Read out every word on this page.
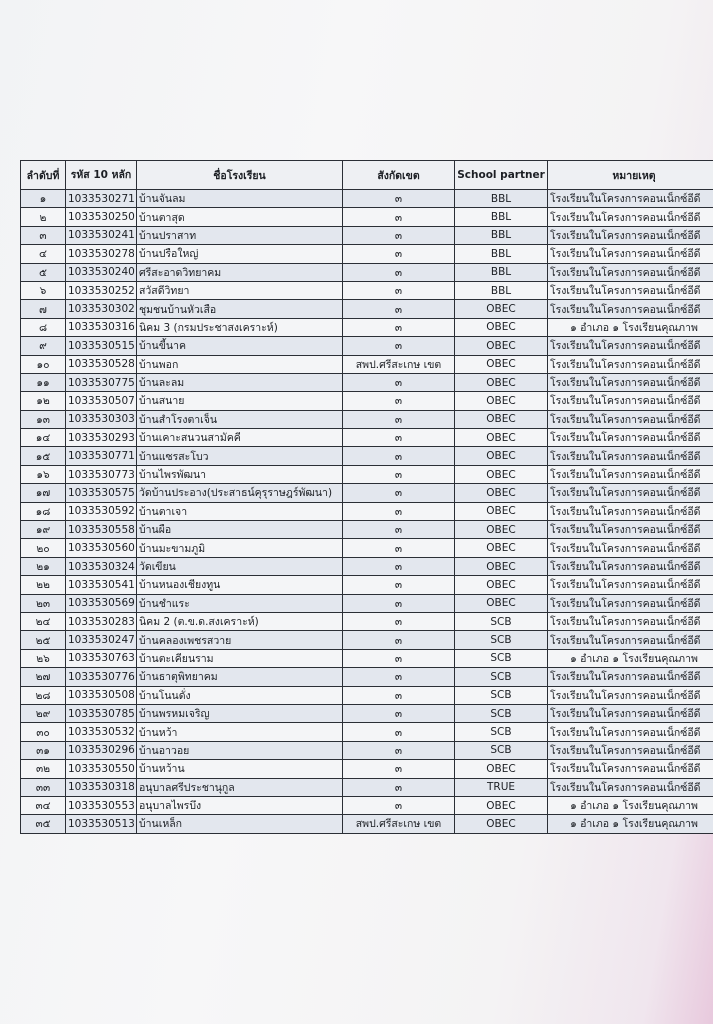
ลำดับที่	รหัส 10 หลัก	ชื่อโรงเรียน	สังกัดเขต	School partner	หมายเหตุ
๑	1033530271	บ้านจันลม	๓	BBL	โรงเรียนในโครงการคอนเน็กซ์อีดี
๒	1033530250	บ้านตาสุด	๓	BBL	โรงเรียนในโครงการคอนเน็กซ์อีดี
๓	1033530241	บ้านปราสาท	๓	BBL	โรงเรียนในโครงการคอนเน็กซ์อีดี
๔	1033530278	บ้านปรือใหญ่	๓	BBL	โรงเรียนในโครงการคอนเน็กซ์อีดี
๕	1033530240	ศรีสะอาดวิทยาคม	๓	BBL	โรงเรียนในโครงการคอนเน็กซ์อีดี
๖	1033530252	สวัสดีวิทยา	๓	BBL	โรงเรียนในโครงการคอนเน็กซ์อีดี
๗	1033530302	ชุมชนบ้านหัวเสือ	๓	OBEC	โรงเรียนในโครงการคอนเน็กซ์อีดี
๘	1033530316	นิคม 3 (กรมประชาสงเคราะห์)	๓	OBEC	๑ อำเภอ ๑ โรงเรียนคุณภาพ
๙	1033530515	บ้านขี้นาค	๓	OBEC	โรงเรียนในโครงการคอนเน็กซ์อีดี
๑๐	1033530528	บ้านพอก	สพป.ศรีสะเกษ เขต	OBEC	โรงเรียนในโครงการคอนเน็กซ์อีดี
๑๑	1033530775	บ้านละลม	๓	OBEC	โรงเรียนในโครงการคอนเน็กซ์อีดี
๑๒	1033530507	บ้านสนาย	๓	OBEC	โรงเรียนในโครงการคอนเน็กซ์อีดี
๑๓	1033530303	บ้านสำโรงตาเจ็น	๓	OBEC	โรงเรียนในโครงการคอนเน็กซ์อีดี
๑๔	1033530293	บ้านเคาะสนวนสามัคคี	๓	OBEC	โรงเรียนในโครงการคอนเน็กซ์อีดี
๑๕	1033530771	บ้านแซรสะโบว	๓	OBEC	โรงเรียนในโครงการคอนเน็กซ์อีดี
๑๖	1033530773	บ้านไพรพัฒนา	๓	OBEC	โรงเรียนในโครงการคอนเน็กซ์อีดี
๑๗	1033530575	วัดบ้านประอาง(ประสาธน์คุรุราษฎร์พัฒนา)	๓	OBEC	โรงเรียนในโครงการคอนเน็กซ์อีดี
๑๘	1033530592	บ้านตาเจา	๓	OBEC	โรงเรียนในโครงการคอนเน็กซ์อีดี
๑๙	1033530558	บ้านผือ	๓	OBEC	โรงเรียนในโครงการคอนเน็กซ์อีดี
๒๐	1033530560	บ้านมะขามภูมิ	๓	OBEC	โรงเรียนในโครงการคอนเน็กซ์อีดี
๒๑	1033530324	วัดเขียน	๓	OBEC	โรงเรียนในโครงการคอนเน็กซ์อีดี
๒๒	1033530541	บ้านหนองเชียงทูน	๓	OBEC	โรงเรียนในโครงการคอนเน็กซ์อีดี
๒๓	1033530569	บ้านชำแระ	๓	OBEC	โรงเรียนในโครงการคอนเน็กซ์อีดี
๒๔	1033530283	นิคม 2 (ต.ข.ด.สงเคราะห์)	๓	SCB	โรงเรียนในโครงการคอนเน็กซ์อีดี
๒๕	1033530247	บ้านคลองเพชรสวาย	๓	SCB	โรงเรียนในโครงการคอนเน็กซ์อีดี
๒๖	1033530763	บ้านตะเคียนราม	๓	SCB	๑ อำเภอ ๑ โรงเรียนคุณภาพ
๒๗	1033530776	บ้านธาตุพิทยาคม	๓	SCB	โรงเรียนในโครงการคอนเน็กซ์อีดี
๒๘	1033530508	บ้านโนนดั่ง	๓	SCB	โรงเรียนในโครงการคอนเน็กซ์อีดี
๒๙	1033530785	บ้านพรหมเจริญ	๓	SCB	โรงเรียนในโครงการคอนเน็กซ์อีดี
๓๐	1033530532	บ้านหว้า	๓	SCB	โรงเรียนในโครงการคอนเน็กซ์อีดี
๓๑	1033530296	บ้านอาวอย	๓	SCB	โรงเรียนในโครงการคอนเน็กซ์อีดี
๓๒	1033530550	บ้านหว้าน	๓	OBEC	โรงเรียนในโครงการคอนเน็กซ์อีดี
๓๓	1033530318	อนุบาลศรีประชานุกูล	๓	TRUE	โรงเรียนในโครงการคอนเน็กซ์อีดี
๓๔	1033530553	อนุบาลไพรบึง	๓	OBEC	๑ อำเภอ ๑ โรงเรียนคุณภาพ
๓๕	1033530513	บ้านเหล็ก	สพป.ศรีสะเกษ เขต	OBEC	๑ อำเภอ ๑ โรงเรียนคุณภาพ
